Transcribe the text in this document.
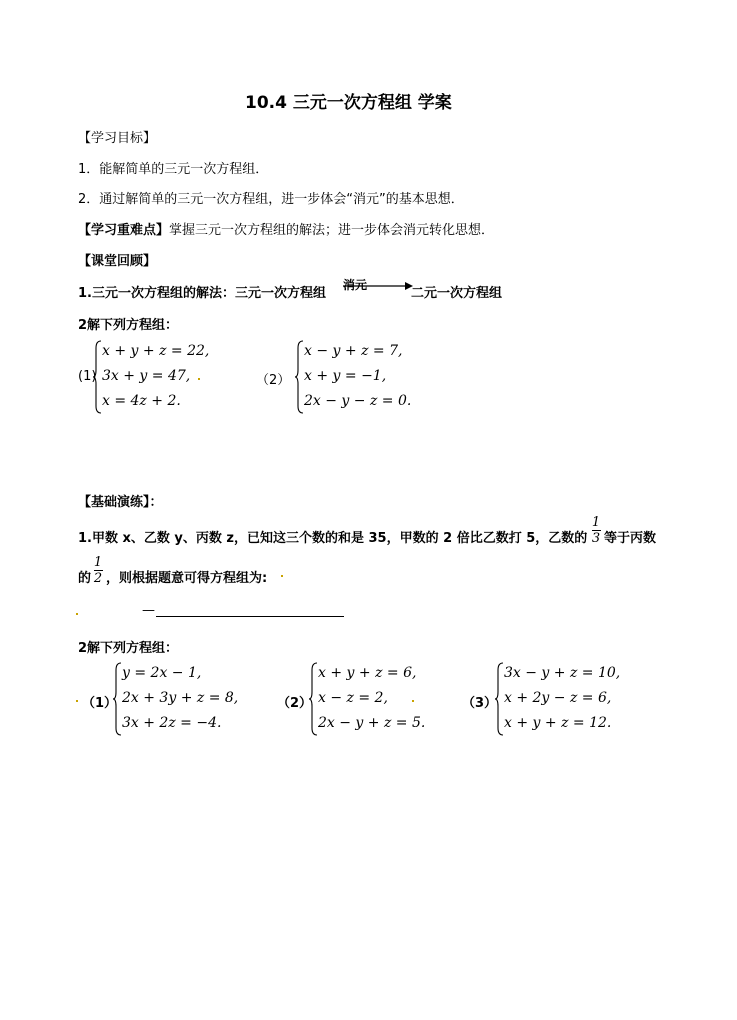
10.4 三元一次方程组 学案
【学习目标】
1．能解简单的三元一次方程组．
2．通过解简单的三元一次方程组，进一步体会“消元”的基本思想．
【学习重难点】掌握三元一次方程组的解法；进一步体会消元转化思想．
【课堂回顾】
1.三元一次方程组的解法：三元一次方程组
消元
二元一次方程组
2解下列方程组：
(1)
x + y + z = 22,
3x + y = 47,
x = 4z + 2.
（2）
x − y + z = 7,
x + y = −1,
2x − y − z = 0.
【基础演练】：
1.甲数 x、乙数 y、丙数 z，已知这三个数的和是 35，甲数的 2 倍比乙数打 5，乙数的
1
3 等于丙数
的
1
2 ，则根据题意可得方程组为:
—
2解下列方程组：
（1）
y = 2x − 1,
2x + 3y + z = 8,
3x + 2z = −4.
（2）
x + y + z = 6,
x − z = 2,
2x − y + z = 5.
（3）
3x − y + z = 10,
x + 2y − z = 6,
x + y + z = 12.
